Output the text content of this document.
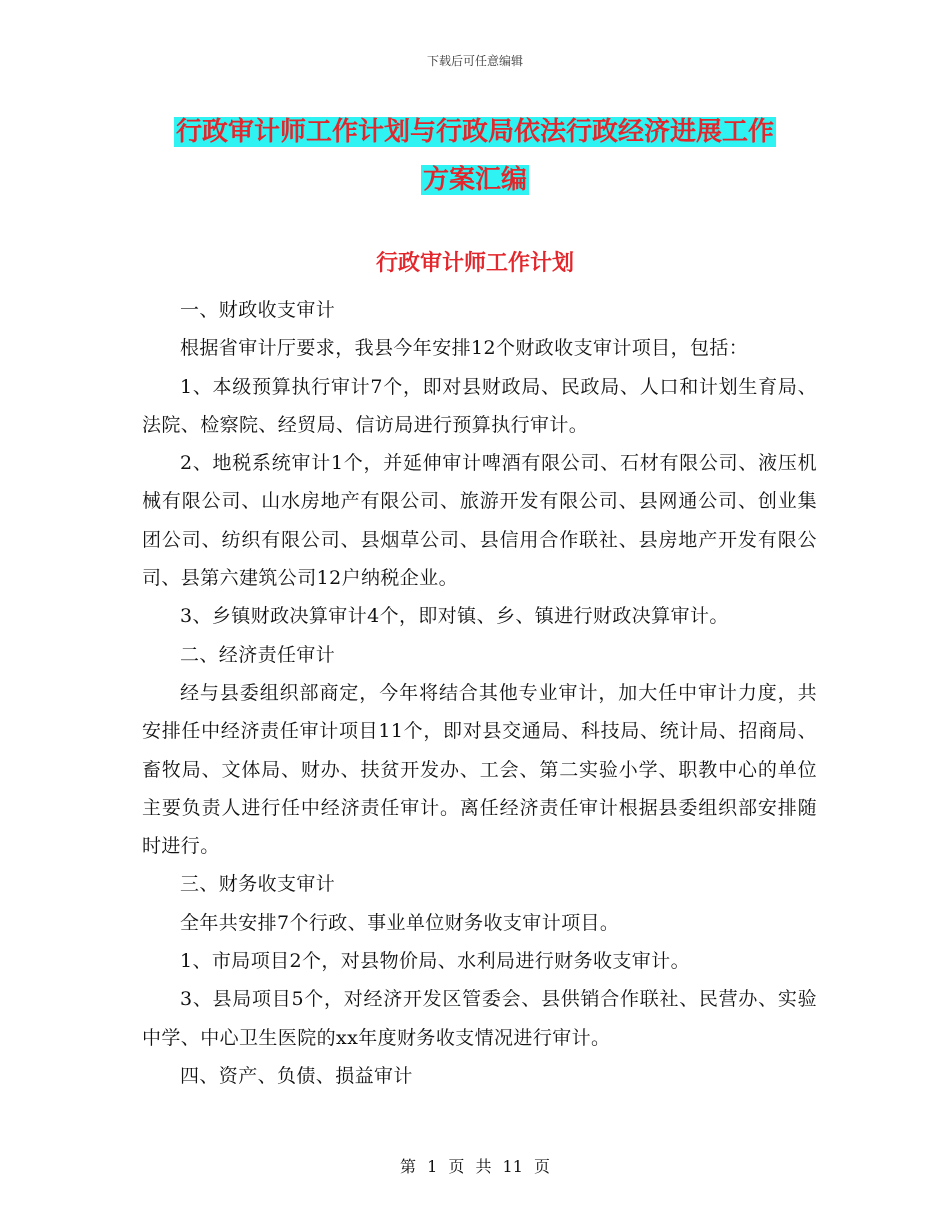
下载后可任意编辑
行政审计师工作计划与行政局依法行政经济进展工作
方案汇编
行政审计师工作计划

一、财政收支审计

根据省审计厅要求，我县今年安排12个财政收支审计项目，包括：

1、本级预算执行审计7个，即对县财政局、民政局、人口和计划生育局、法院、检察院、经贸局、信访局进行预算执行审计。

2、地税系统审计1个，并延伸审计啤酒有限公司、石材有限公司、液压机械有限公司、山水房地产有限公司、旅游开发有限公司、县网通公司、创业集团公司、纺织有限公司、县烟草公司、县信用合作联社、县房地产开发有限公司、县第六建筑公司12户纳税企业。

3、乡镇财政决算审计4个，即对镇、乡、镇进行财政决算审计。

二、经济责任审计

经与县委组织部商定，今年将结合其他专业审计，加大任中审计力度，共安排任中经济责任审计项目11个，即对县交通局、科技局、统计局、招商局、畜牧局、文体局、财办、扶贫开发办、工会、第二实验小学、职教中心的单位主要负责人进行任中经济责任审计。离任经济责任审计根据县委组织部安排随时进行。

三、财务收支审计

全年共安排7个行政、事业单位财务收支审计项目。

1、市局项目2个，对县物价局、水利局进行财务收支审计。

3、县局项目5个，对经济开发区管委会、县供销合作联社、民营办、实验中学、中心卫生医院的xx年度财务收支情况进行审计。

四、资产、负债、损益审计

第 1 页 共 11 页
